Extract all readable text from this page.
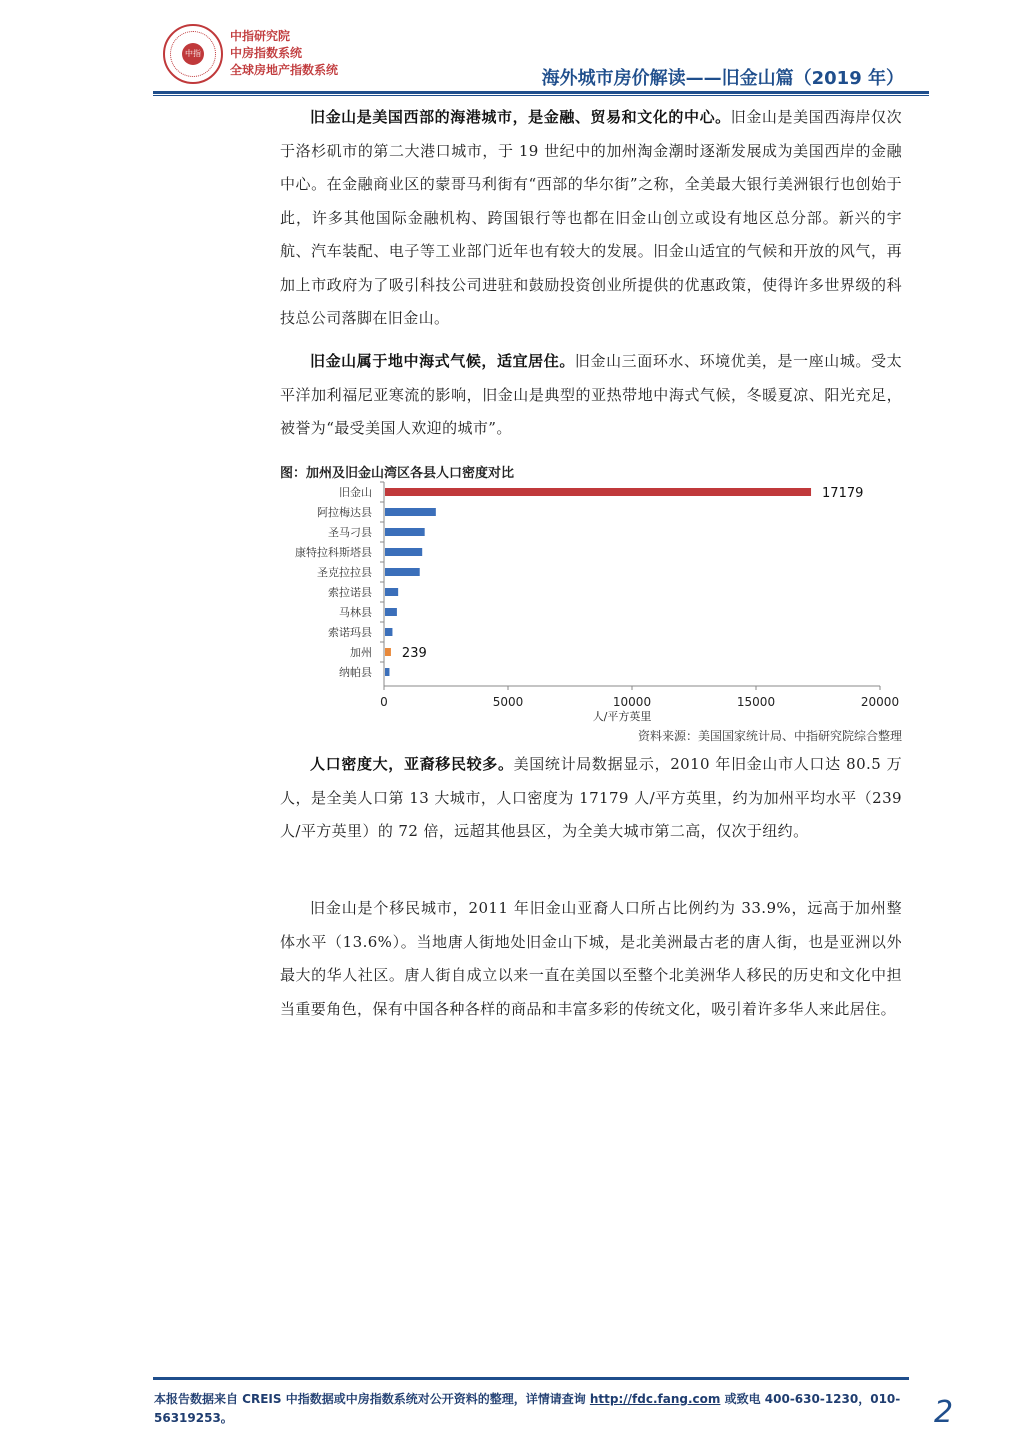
中指
中指研究院
中房指数系统
全球房地产指数系统	海外城市房价解读——旧金山篇（2019 年）

旧金山是美国西部的海港城市，是金融、贸易和文化的中心。旧金山是美国西海岸仅次于洛杉矶市的第二大港口城市，于 19 世纪中的加州淘金潮时逐渐发展成为美国西岸的金融中心。在金融商业区的蒙哥马利街有“西部的华尔街”之称，全美最大银行美洲银行也创始于此，许多其他国际金融机构、跨国银行等也都在旧金山创立或设有地区总分部。新兴的宇航、汽车装配、电子等工业部门近年也有较大的发展。旧金山适宜的气候和开放的风气，再加上市政府为了吸引科技公司进驻和鼓励投资创业所提供的优惠政策，使得许多世界级的科技总公司落脚在旧金山。

旧金山属于地中海式气候，适宜居住。旧金山三面环水、环境优美，是一座山城。受太平洋加利福尼亚寒流的影响，旧金山是典型的亚热带地中海式气候，冬暖夏凉、阳光充足，被誉为“最受美国人欢迎的城市”。

图：加州及旧金山湾区各县人口密度对比
旧金山	17179
阿拉梅达县
圣马刁县
康特拉科斯塔县
圣克拉拉县
索拉诺县
马林县
索诺玛县
加州 239
纳帕县
0	5000	10000	15000	20000
人/平方英里
资料来源：美国国家统计局、中指研究院综合整理

人口密度大，亚裔移民较多。美国统计局数据显示，2010 年旧金山市人口达 80.5 万人，是全美人口第 13 大城市，人口密度为 17179 人/平方英里，约为加州平均水平（239 人/平方英里）的 72 倍，远超其他县区，为全美大城市第二高，仅次于纽约。

旧金山是个移民城市，2011 年旧金山亚裔人口所占比例约为 33.9%，远高于加州整体水平（13.6%）。当地唐人街地处旧金山下城，是北美洲最古老的唐人街，也是亚洲以外最大的华人社区。唐人街自成立以来一直在美国以至整个北美洲华人移民的历史和文化中担当重要角色，保有中国各种各样的商品和丰富多彩的传统文化，吸引着许多华人来此居住。

本报告数据来自 CREIS 中指数据或中房指数系统对公开资料的整理，详情请查询 http://fdc.fang.com 或致电 400-630-1230，010-56319253。	2
